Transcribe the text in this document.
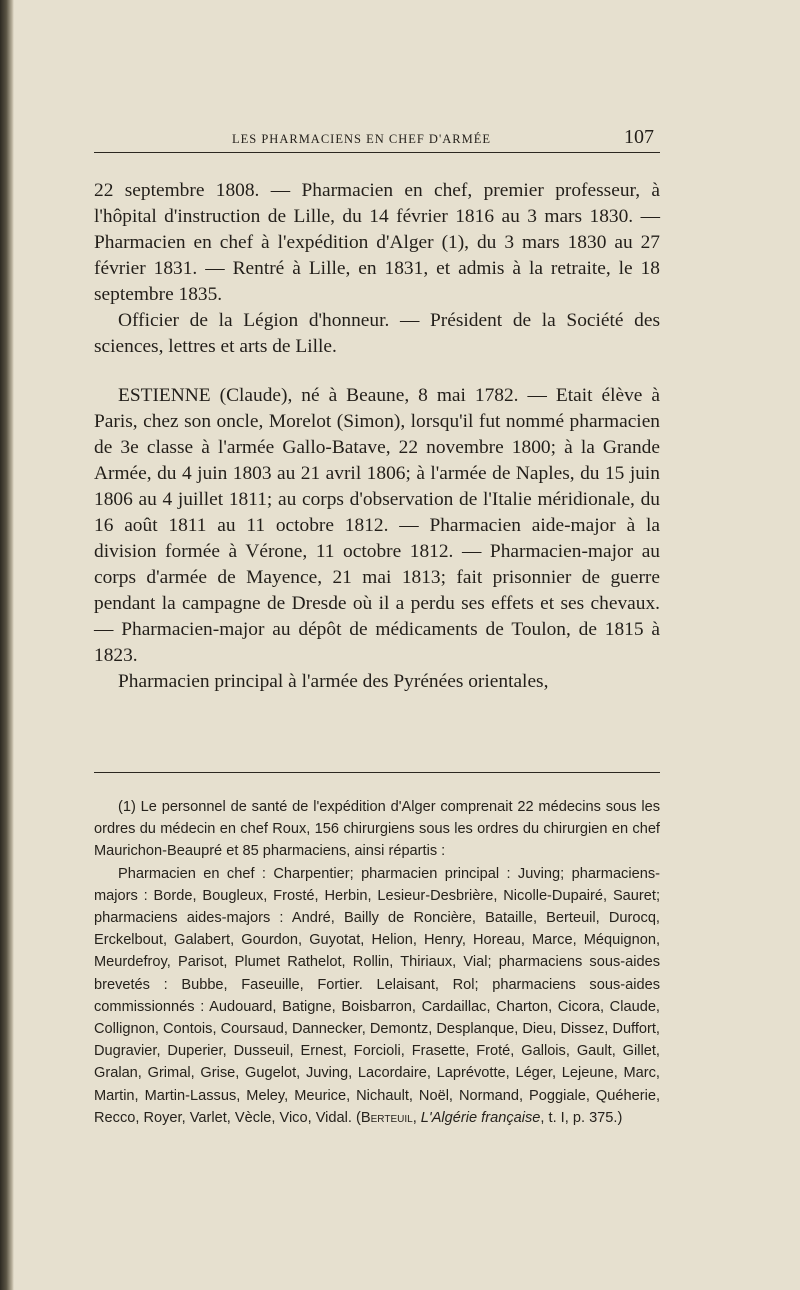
LES PHARMACIENS EN CHEF D'ARMÉE	107

22 septembre 1808. — Pharmacien en chef, premier professeur, à l'hôpital d'instruction de Lille, du 14 février 1816 au 3 mars 1830. — Pharmacien en chef à l'expédition d'Alger (1), du 3 mars 1830 au 27 février 1831. — Rentré à Lille, en 1831, et admis à la retraite, le 18 septembre 1835.

Officier de la Légion d'honneur. — Président de la Société des sciences, lettres et arts de Lille.

ESTIENNE (Claude), né à Beaune, 8 mai 1782. — Etait élève à Paris, chez son oncle, Morelot (Simon), lorsqu'il fut nommé pharmacien de 3e classe à l'armée Gallo-Batave, 22 novembre 1800; à la Grande Armée, du 4 juin 1803 au 21 avril 1806; à l'armée de Naples, du 15 juin 1806 au 4 juillet 1811; au corps d'observation de l'Italie méridionale, du 16 août 1811 au 11 octobre 1812. — Pharmacien aide-major à la division formée à Vérone, 11 octobre 1812. — Pharmacien-major au corps d'armée de Mayence, 21 mai 1813; fait prisonnier de guerre pendant la campagne de Dresde où il a perdu ses effets et ses chevaux. — Pharmacien-major au dépôt de médicaments de Toulon, de 1815 à 1823.

Pharmacien principal à l'armée des Pyrénées orientales,

(1) Le personnel de santé de l'expédition d'Alger comprenait 22 médecins sous les ordres du médecin en chef Roux, 156 chirurgiens sous les ordres du chirurgien en chef Maurichon-Beaupré et 85 pharmaciens, ainsi répartis :

Pharmacien en chef : Charpentier; pharmacien principal : Juving; pharmaciens-majors : Borde, Bougleux, Frosté, Herbin, Lesieur-Desbrière, Nicolle-Dupairé, Sauret; pharmaciens aides-majors : André, Bailly de Roncière, Bataille, Berteuil, Durocq, Erckelbout, Galabert, Gourdon, Guyotat, Helion, Henry, Horeau, Marce, Méquignon, Meurdefroy, Parisot, Plumet Rathelot, Rollin, Thiriaux, Vial; pharmaciens sous-aides brevetés : Bubbe, Faseuille, Fortier. Lelaisant, Rol; pharmaciens sous-aides commissionnés : Audouard, Batigne, Boisbarron, Cardaillac, Charton, Cicora, Claude, Collignon, Contois, Coursaud, Dannecker, Demontz, Desplanque, Dieu, Dissez, Duffort, Dugravier, Duperier, Dusseuil, Ernest, Forcioli, Frasette, Froté, Gallois, Gault, Gillet, Gralan, Grimal, Grise, Gugelot, Juving, Lacordaire, Laprévotte, Léger, Lejeune, Marc, Martin, Martin-Lassus, Meley, Meurice, Nichault, Noël, Normand, Poggiale, Quéherie, Recco, Royer, Varlet, Vècle, Vico, Vidal. (Berteuil, L'Algérie française, t. I, p. 375.)
